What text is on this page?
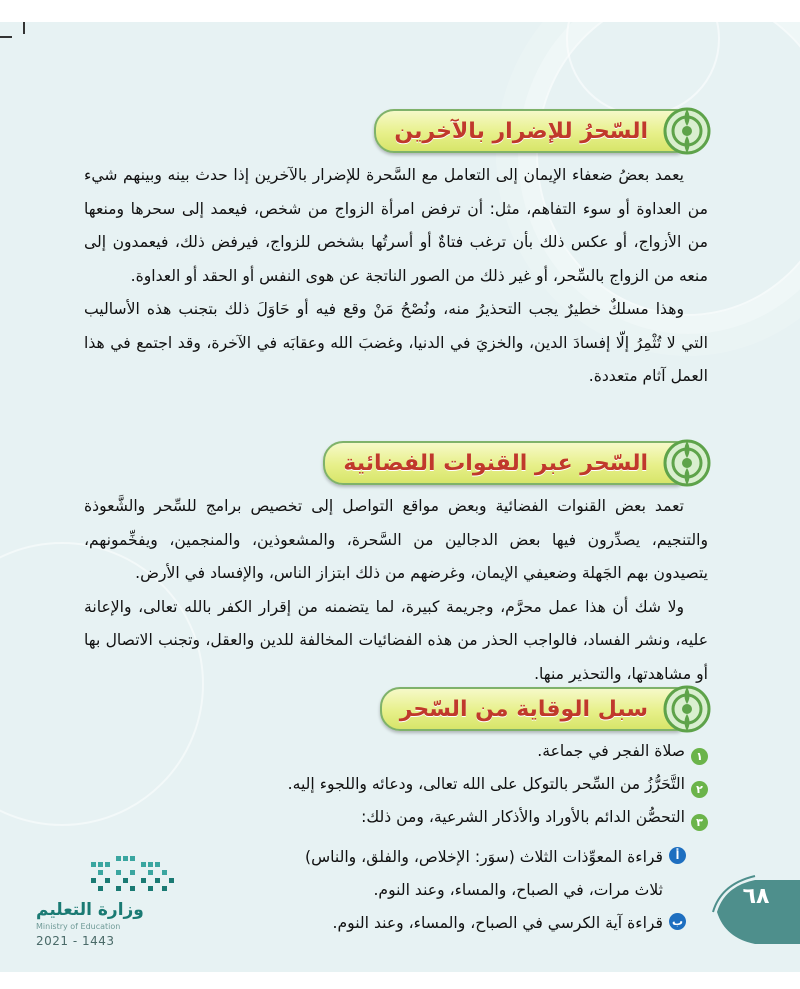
السّحرُ للإضرار بالآخرين

يعمد بعضُ ضعفاء الإيمان إلى التعامل مع السَّحرة للإضرار بالآخرين إذا حدث بينه وبينهم شيء من العداوة أو سوء التفاهم، مثل: أن ترفض امرأة الزواج من شخص، فيعمد إلى سحرها ومنعها من الأزواج، أو عكس ذلك بأن ترغب فتاةٌ أو أسرتُها بشخص للزواج، فيرفض ذلك، فيعمدون إلى منعه من الزواج بالسِّحر، أو غير ذلك من الصور الناتجة عن هوى النفس أو الحقد أو العداوة.

وهذا مسلكٌ خطيرٌ يجب التحذيرُ منه، ونُصْحُ مَنْ وقع فيه أو حَاوَلَ ذلك بتجنب هذه الأساليب التي لا تُثْمِرُ إلّا إفسادَ الدين، والخزيَ في الدنيا، وغضبَ الله وعقابَه في الآخرة، وقد اجتمع في هذا العمل آثام متعددة.

السّحر عبر القنوات الفضائية

تعمد بعض القنوات الفضائية وبعض مواقع التواصل إلى تخصيص برامج للسِّحر والشَّعوذة والتنجيم، يصدِّرون فيها بعض الدجالين من السَّحرة، والمشعوذين، والمنجمين، ويفخِّمونهم، يتصيدون بهم الجَهلة وضعيفي الإيمان، وغرضهم من ذلك ابتزاز الناس، والإفساد في الأرض.

ولا شك أن هذا عمل محرَّم، وجريمة كبيرة، لما يتضمنه من إقرار الكفر بالله تعالى، والإعانة عليه، ونشر الفساد، فالواجب الحذر من هذه الفضائيات المخالفة للدين والعقل، وتجنب الاتصال بها أو مشاهدتها، والتحذير منها.

سبل الوقاية من السّحر
١
صلاة الفجر في جماعة.
٢
التَّحَرُّزُ من السِّحر بالتوكل على الله تعالى، ودعائه واللجوء إليه.
٣
التحصُّن الدائم بالأوراد والأذكار الشرعية، ومن ذلك:
أ
قراءة المعوِّذات الثلاث (سوَر: الإخلاص، والفلق، والناس) ثلاث مرات، في الصباح، والمساء، وعند النوم.
ب
قراءة آية الكرسي في الصباح، والمساء، وعند النوم.
وزارة التعليم
Ministry of Education
2021 - 1443
٦٨
